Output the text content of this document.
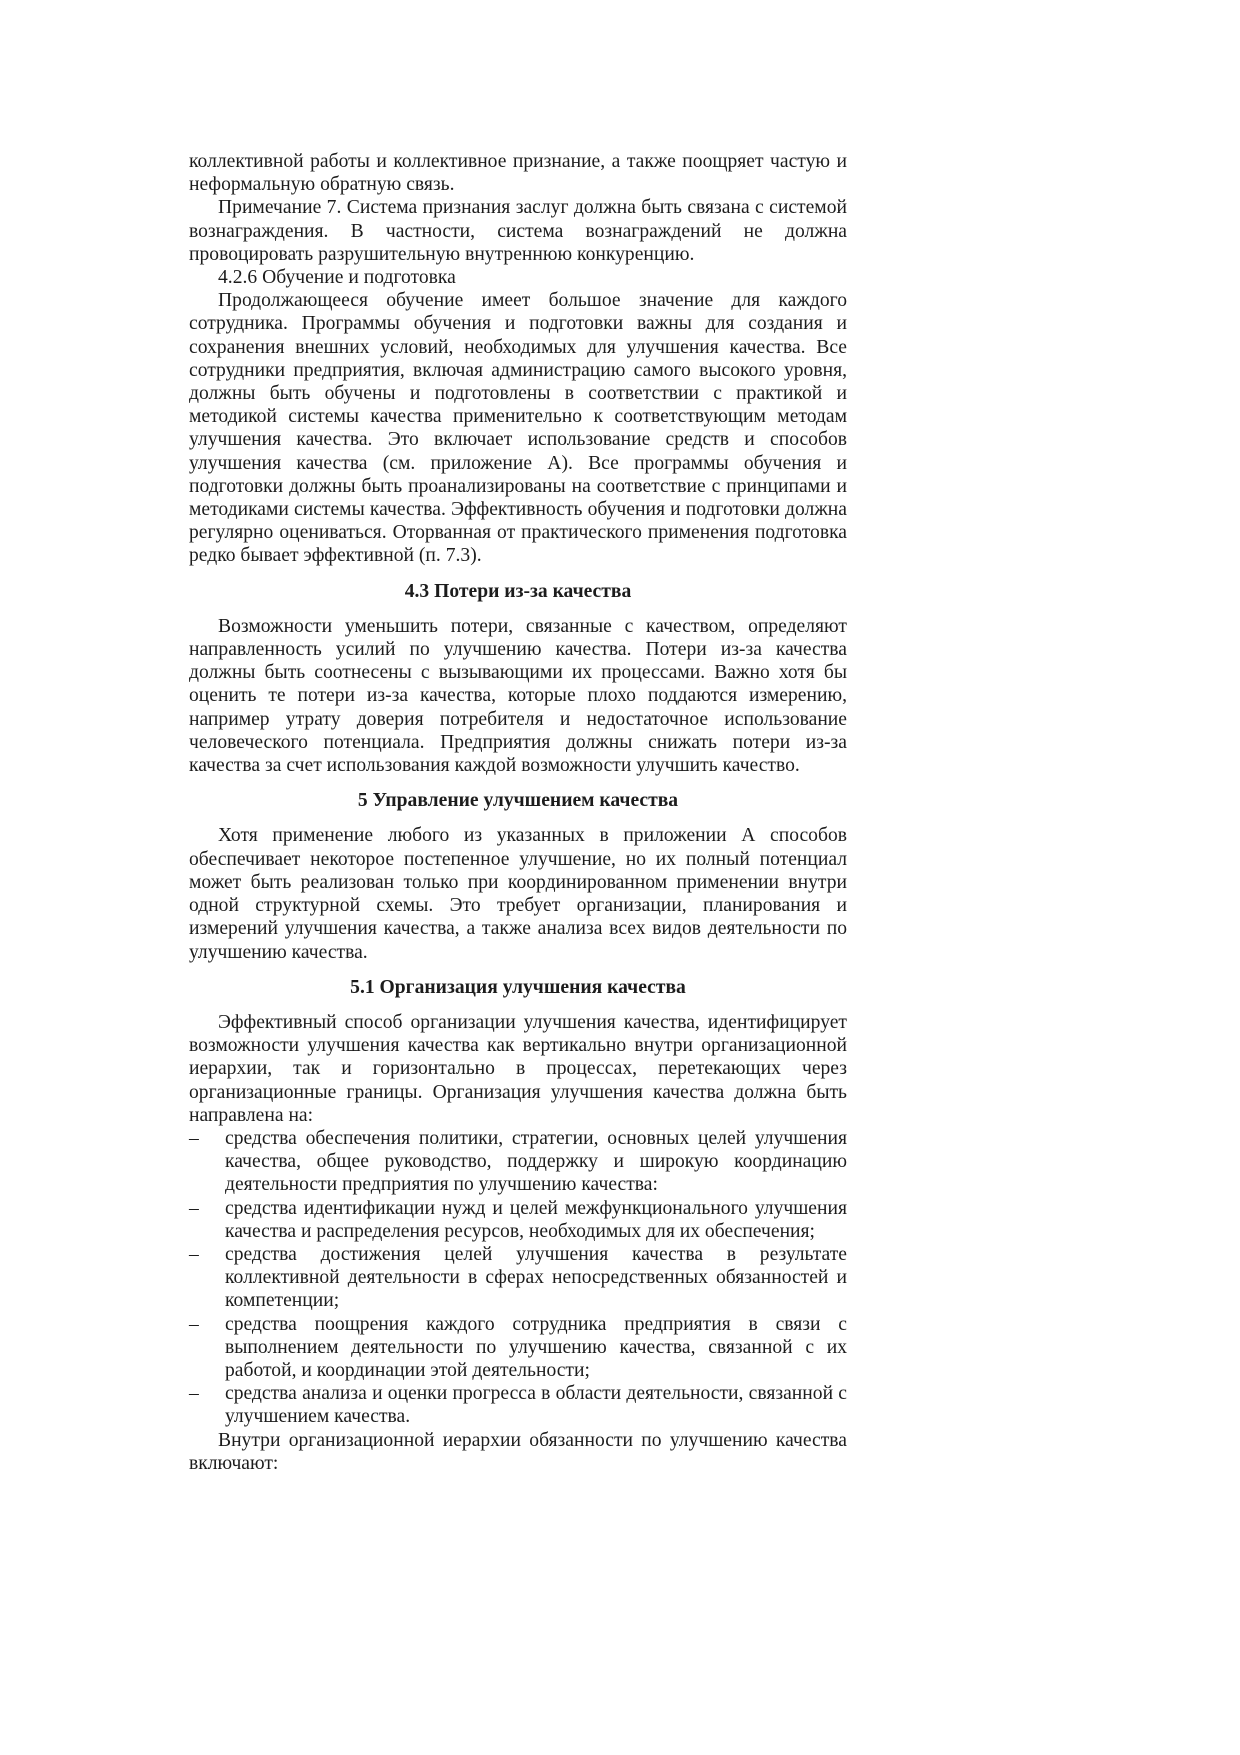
коллективной работы и коллективное признание, а также поощряет частую и неформальную обратную связь.

Примечание 7. Система признания заслуг должна быть связана с системой вознаграждения. В частности, система вознаграждений не должна провоцировать разрушительную внутреннюю конкуренцию.

4.2.6 Обучение и подготовка

Продолжающееся обучение имеет большое значение для каждого сотрудника. Программы обучения и подготовки важны для создания и сохранения внешних условий, необходимых для улучшения качества. Все сотрудники предприятия, включая администрацию самого высокого уровня, должны быть обучены и подготовлены в соответствии с практикой и методикой системы качества применительно к соответствующим методам улучшения качества. Это включает использование средств и способов улучшения качества (см. приложение А). Все программы обучения и подготовки должны быть проанализированы на соответствие с принципами и методиками системы качества. Эффективность обучения и подготовки должна регулярно оцениваться. Оторванная от практического применения подготовка редко бывает эффективной (п. 7.3).

4.3 Потери из-за качества

Возможности уменьшить потери, связанные с качеством, определяют направленность усилий по улучшению качества. Потери из-за качества должны быть соотнесены с вызывающими их процессами. Важно хотя бы оценить те потери из-за качества, которые плохо поддаются измерению, например утрату доверия потребителя и недостаточное использование человеческого потенциала. Предприятия должны снижать потери из-за качества за счет использования каждой возможности улучшить качество.

5 Управление улучшением качества

Хотя применение любого из указанных в приложении А способов обеспечивает некоторое постепенное улучшение, но их полный потенциал может быть реализован только при координированном применении внутри одной структурной схемы. Это требует организации, планирования и измерений улучшения качества, а также анализа всех видов деятельности по улучшению качества.

5.1 Организация улучшения качества

Эффективный способ организации улучшения качества, идентифицирует возможности улучшения качества как вертикально внутри организационной иерархии, так и горизонтально в процессах, перетекающих через организационные границы. Организация улучшения качества должна быть направлена на:

– средства обеспечения политики, стратегии, основных целей улучшения качества, общее руководство, поддержку и широкую координацию деятельности предприятия по улучшению качества:
– средства идентификации нужд и целей межфункционального улучшения качества и распределения ресурсов, необходимых для их обеспечения;
– средства достижения целей улучшения качества в результате коллективной деятельности в сферах непосредственных обязанностей и компетенции;
– средства поощрения каждого сотрудника предприятия в связи с выполнением деятельности по улучшению качества, связанной с их работой, и координации этой деятельности;
– средства анализа и оценки прогресса в области деятельности, связанной с улучшением качества.

Внутри организационной иерархии обязанности по улучшению качества включают:
